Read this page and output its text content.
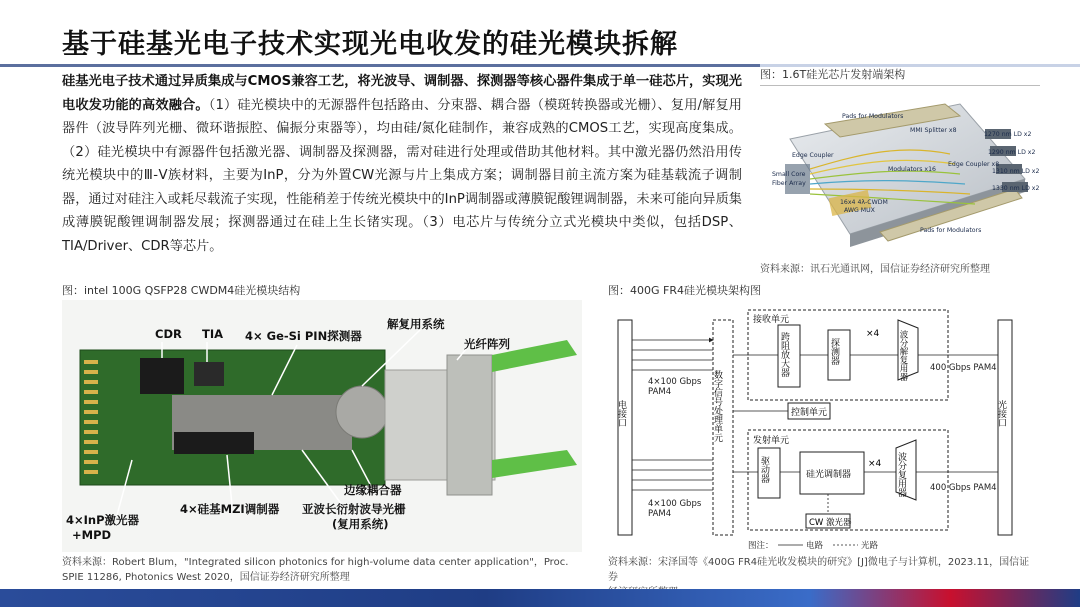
基于硅基光电子技术实现光电收发的硅光模块拆解
硅基光电子技术通过异质集成与CMOS兼容工艺，将光波导、调制器、探测器等核心器件集成于单一硅芯片，实现光电收发功能的高效融合。（1）硅光模块中的无源器件包括路由、分束器、耦合器（模斑转换器或光栅）、复用/解复用器件（波导阵列光栅、微环谐振腔、偏振分束器等），均由硅/氮化硅制作，兼容成熟的CMOS工艺，实现高度集成。（2）硅光模块中有源器件包括激光器、调制器及探测器，需对硅进行处理或借助其他材料。其中激光器仍然沿用传统光模块中的Ⅲ-Ⅴ族材料，主要为InP，分为外置CW光源与片上集成方案；调制器目前主流方案为硅基载流子调制器，通过对硅注入或耗尽载流子实现，性能稍差于传统光模块中的InP调制器或薄膜铌酸锂调制器，未来可能向异质集成薄膜铌酸锂调制器发展；探测器通过在硅上生长锗实现。（3）电芯片与传统分立式光模块中类似，包括DSP、TIA/Driver、CDR等芯片。
图：1.6T硅光芯片发射端架构
Pads for Modulators
MMI Splitter x8
Edge Coupler
Small Core
Fiber Array
Modulators x16
Edge Coupler x8
16x4 4λ-CWDM
AWG MUX
Pads for Modulators
1270 nm LD x2
1290 nm LD x2
1310 nm LD x2
1330 nm LD x2
资料来源：讯石光通讯网，国信证券经济研究所整理
图：intel 100G QSFP28 CWDM4硅光模块结构
CDR TIA 4× Ge-Si PIN探测器
解复用系统
光纤阵列
边缘耦合器
4×InP激光器
+MPD
4×硅基MZI调制器 亚波长衍射波导光栅
(复用系统)
资料来源：Robert Blum，"Integrated silicon photonics for high-volume data center application"，Proc.
SPIE 11286, Photonics West 2020，国信证券经济研究所整理
图：400G FR4硅光模块架构图
电接口	光接口
数字信号处理单元
接收单元
跨阻放大器	探测器	波分解复用器
×4
控制单元
发射单元
驱动器	硅光调制器	波分复用器
×4
CW 激光器
4×100 Gbps
PAM4
400 Gbps PAM4
4×100 Gbps
PAM4
400 Gbps PAM4
图注：	电路	光路
资料来源：宋泽国等《400G FR4硅光收发模块的研究》[J]微电子与计算机，2023.11，国信证券
